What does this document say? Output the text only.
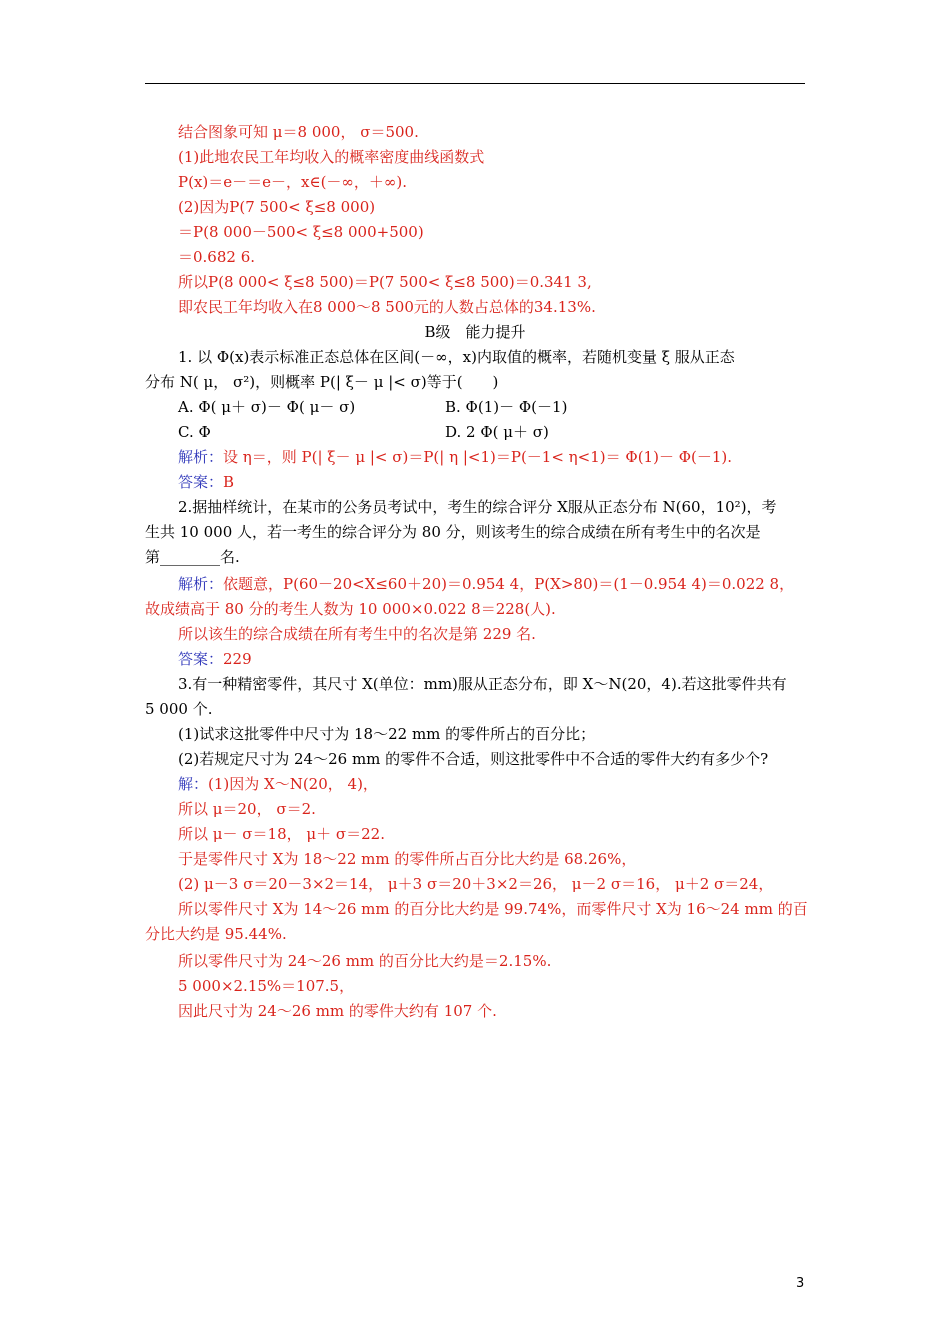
结合图象可知 μ＝8 000， σ＝500.
(1)此地农民工年均收入的概率密度曲线函数式
P(x)＝e－＝e－，x∈(－∞，＋∞).
(2)因为P(7 500< ξ≤8 000)
＝P(8 000－500< ξ≤8 000+500)
＝0.682 6.
所以P(8 000< ξ≤8 500)＝P(7 500< ξ≤8 500)＝0.341 3,
即农民工年均收入在8 000～8 500元的人数占总体的34.13%.
B级　能力提升
1. 以 Φ(x)表示标准正态总体在区间(－∞，x)内取值的概率，若随机变量 ξ 服从正态
分布 N( μ， σ²)，则概率 P(| ξ－ μ |< σ)等于(　　)
A. Φ( μ＋ σ)－ Φ( μ－ σ)	B. Φ(1)－ Φ(－1)
C. Φ	D. 2 Φ( μ＋ σ)
解析： 设 η＝，则 P(| ξ－ μ |< σ)＝P(| η |<1)＝P(－1< η<1)＝ Φ(1)－ Φ(－1).
答案： B
2.据抽样统计，在某市的公务员考试中，考生的综合评分 X服从正态分布 N(60，10²)，考
生共 10 000 人，若一考生的综合评分为 80 分，则该考生的综合成绩在所有考生中的名次是
第________名.
解析： 依题意，P(60－20<X≤60＋20)＝0.954 4，P(X>80)＝(1－0.954 4)＝0.022 8，
故成绩高于 80 分的考生人数为 10 000×0.022 8＝228(人).
所以该生的综合成绩在所有考生中的名次是第 229 名.
答案： 229
3.有一种精密零件，其尺寸 X(单位：mm)服从正态分布，即 X～N(20，4).若这批零件共有
5 000 个.
(1)试求这批零件中尺寸为 18～22 mm 的零件所占的百分比；
(2)若规定尺寸为 24～26 mm 的零件不合适，则这批零件中不合适的零件大约有多少个?
解： (1)因为 X～N(20， 4)，
所以 μ＝20， σ＝2.
所以 μ－ σ＝18， μ＋ σ＝22.
于是零件尺寸 X为 18～22 mm 的零件所占百分比大约是 68.26%，
(2) μ－3 σ＝20－3×2＝14， μ＋3 σ＝20＋3×2＝26， μ－2 σ＝16， μ＋2 σ＝24，
所以零件尺寸 X为 14～26 mm 的百分比大约是 99.74%，而零件尺寸 X为 16～24 mm 的百
分比大约是 95.44%.
所以零件尺寸为 24～26 mm 的百分比大约是＝2.15%.
5 000×2.15%＝107.5，
因此尺寸为 24～26 mm 的零件大约有 107 个.
3
